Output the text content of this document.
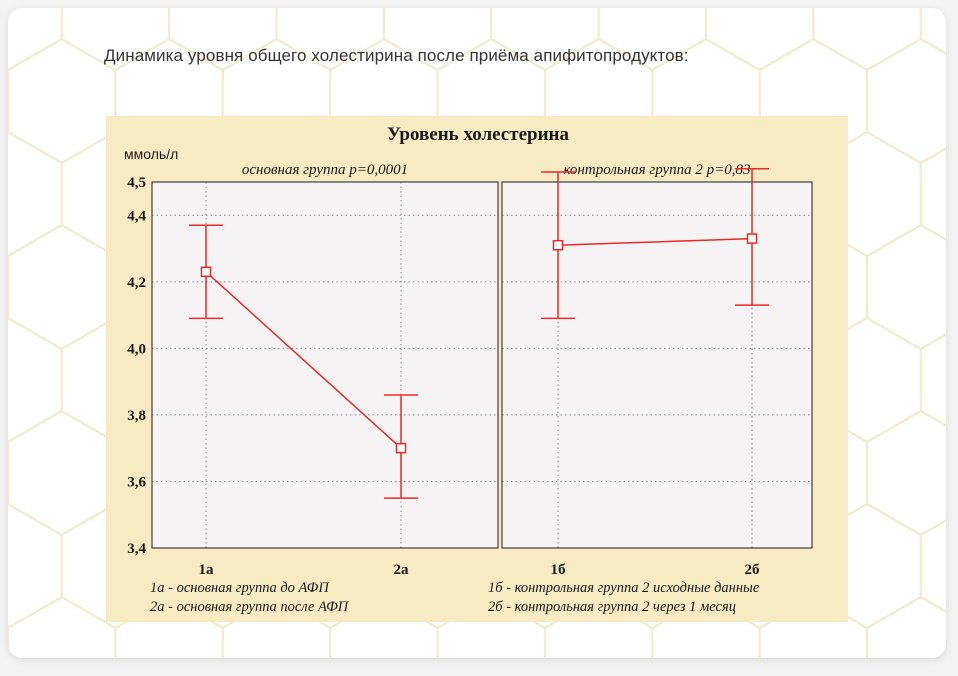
Динамика уровня общего холестирина после приёма апифитопродуктов:
Уровень холестерина
ммоль/л
основная группа p=0,0001
1а	2а
1а - основная группа до АФП
2а - основная группа после АФП
контрольная группа 2 p=0,83
1б	2б
1б - контрольная группа 2 исходные данные
2б - контрольная группа 2 через 1 месяц
4,5
4,4
4,2
4,0
3,8
3,6
3,4
